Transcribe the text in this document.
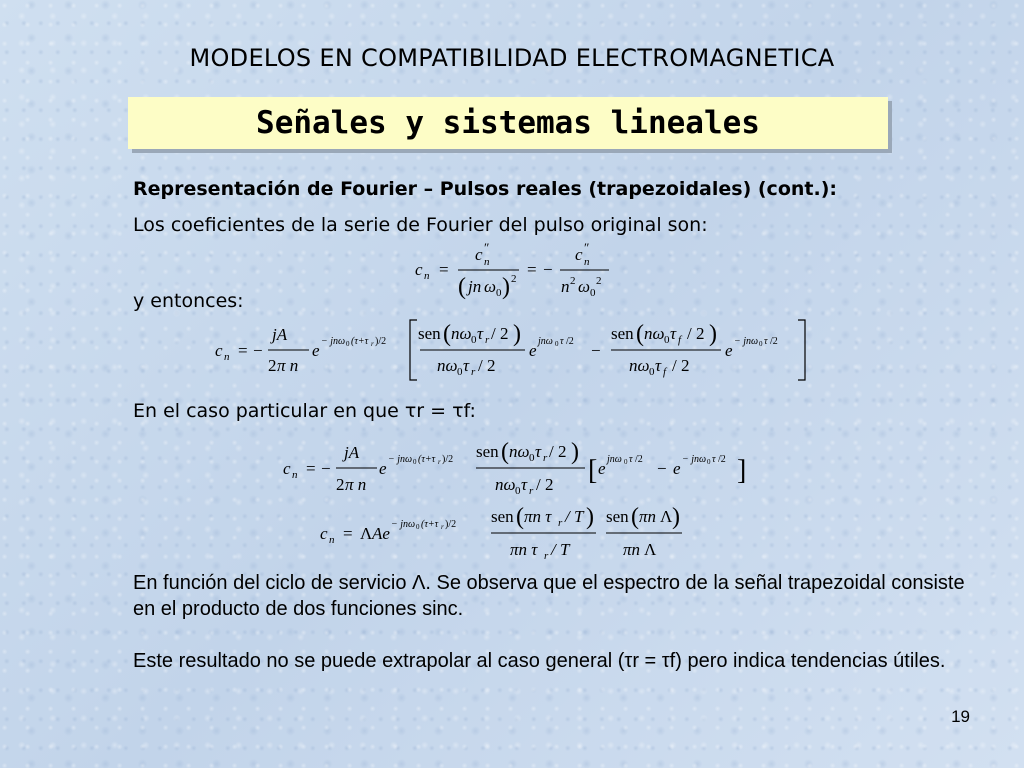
MODELOS EN COMPATIBILIDAD ELECTROMAGNETICA
Señales y sistemas lineales
Representación de Fourier – Pulsos reales (trapezoidales) (cont.):
Los coeficientes de la serie de Fourier del pulso original son:
c n =
c ″
n
( jn ω 0 ) 2 = −
c ″
n
n 2 ω 0
2
y entonces:
c n = −
jA
2 π n
e − jnω 0 (τ+τ r )/2 sen ( nω 0 τ r / 2 )
nω 0 τ r / 2
e jnω 0 τ /2 −
sen ( nω 0 τ f / 2 )
nω 0 τ f / 2
e − jnω 0 τ /2
En el caso particular en que τr = τf:
c n = −
jA
2 π n
e − jnω 0 (τ+τ r )/2 sen ( nω 0 τ r / 2 )
nω 0 τ r / 2 [ e jnω 0 τ /2 − e − jnω 0 τ /2 ]
c n = Λ Ae − jnω 0 (τ+τ r )/2 sen ( πn τ r / T )
πn τ r / T
sen ( πn Λ )
πn Λ
En función del ciclo de servicio Λ. Se observa que el espectro de la señal trapezoidal consiste en el producto de dos funciones sinc.
Este resultado no se puede extrapolar al caso general (τr = τf) pero indica tendencias útiles.
19
